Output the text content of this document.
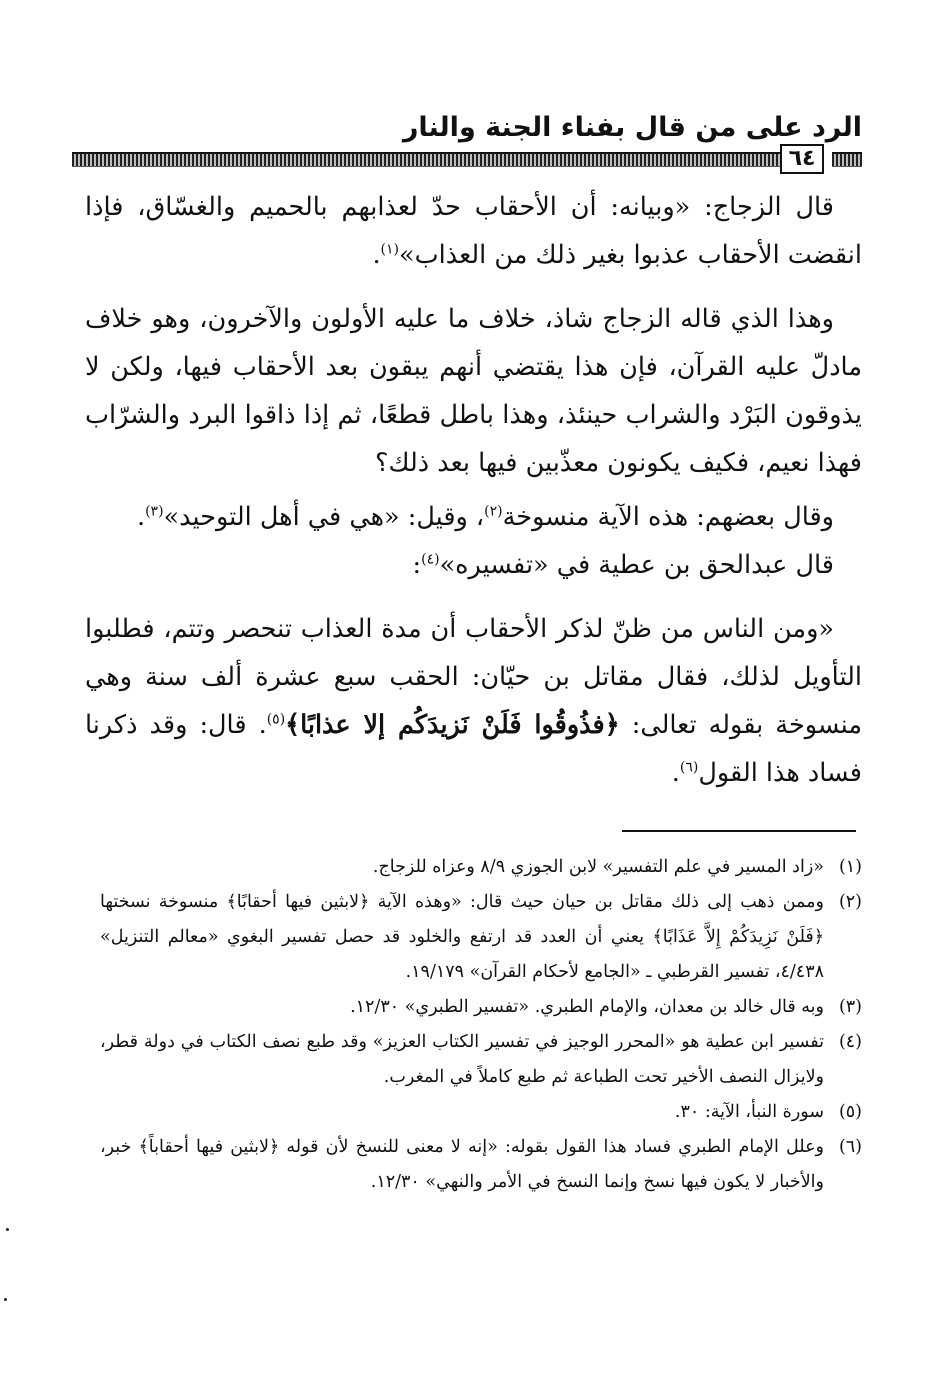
الرد على من قال بفناء الجنة والنار
٦٤

قال الزجاج: «وبيانه: أن الأحقاب حدّ لعذابهم بالحميم والغسّاق، فإذا انقضت الأحقاب عذبوا بغير ذلك من العذاب»$^{(١)}$.

وهذا الذي قاله الزجاج شاذ، خلاف ما عليه الأولون والآخرون، وهو خلاف مادلّ عليه القرآن، فإن هذا يقتضي أنهم يبقون بعد الأحقاب فيها، ولكن لا يذوقون البَرْد والشراب حينئذ، وهذا باطل قطعًا، ثم إذا ذاقوا البرد والشرّاب فهذا نعيم، فكيف يكونون معذّبين فيها بعد ذلك؟

وقال بعضهم: هذه الآية منسوخة$^{(٢)}$، وقيل: «هي في أهل التوحيد»$^{(٣)}$.

قال عبدالحق بن عطية في «تفسيره»$^{(٤)}$:

«ومن الناس من ظنّ لذكر الأحقاب أن مدة العذاب تنحصر وتتم، فطلبوا التأويل لذلك، فقال مقاتل بن حيّان: الحقب سبع عشرة ألف سنة وهي منسوخة بقوله تعالى: ﴿فذُوقُوا فَلَنْ نَزيدَكُم إلا عذابًا﴾$^{(٥)}$. قال: وقد ذكرنا فساد هذا القول$^{(٦)}$.

(١)
«زاد المسير في علم التفسير» لابن الجوزي ٨/٩ وعزاه للزجاج.
(٢)
وممن ذهب إلى ذلك مقاتل بن حيان حيث قال: «وهذه الآية ﴿لابثين فيها أحقابًا﴾ منسوخة نسختها ﴿فَلَنْ نَزِيدَكُمْ إِلاَّ عَذَابًا﴾ يعني أن العدد قد ارتفع والخلود قد حصل تفسير البغوي «معالم التنزيل» ٤/٤٣٨، تفسير القرطبي ـ «الجامع لأحكام القرآن» ١٩/١٧٩.
(٣)
وبه قال خالد بن معدان، والإمام الطبري. «تفسير الطبري» ١٢/٣٠.
(٤)
تفسير ابن عطية هو «المحرر الوجيز في تفسير الكتاب العزيز» وقد طبع نصف الكتاب في دولة قطر، ولايزال النصف الأخير تحت الطباعة ثم طبع كاملاً في المغرب.
(٥)
سورة النبأ، الآية: ٣٠.
(٦)
وعلل الإمام الطبري فساد هذا القول بقوله: «إنه لا معنى للنسخ لأن قوله ﴿لابثين فيها أحقاباً﴾ خبر، والأخبار لا يكون فيها نسخ وإنما النسخ في الأمر والنهي» ١٢/٣٠.
